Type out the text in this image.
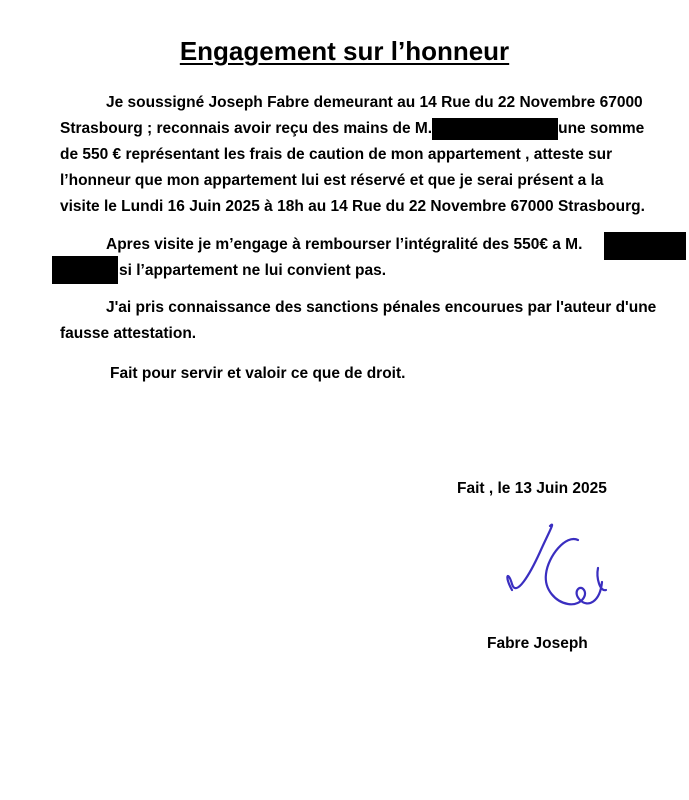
Engagement sur l’honneur
Je soussigné Joseph Fabre demeurant au 14 Rue du 22 Novembre 67000
Strasbourg ; reconnais avoir reçu des mains de M.	une somme
de 550 € représentant les frais de caution de mon appartement , atteste sur
l’honneur que mon appartement lui est réservé et que je serai présent a la
visite le Lundi 16 Juin 2025 à 18h au 14 Rue du 22 Novembre 67000 Strasbourg.
Apres visite je m’engage à rembourser l’intégralité des 550€ a M.
si l’appartement ne lui convient pas.
J'ai pris connaissance des sanctions pénales encourues par l'auteur d'une
fausse attestation.
Fait pour servir et valoir ce que de droit.
Fait , le 13 Juin 2025
Fabre Joseph
